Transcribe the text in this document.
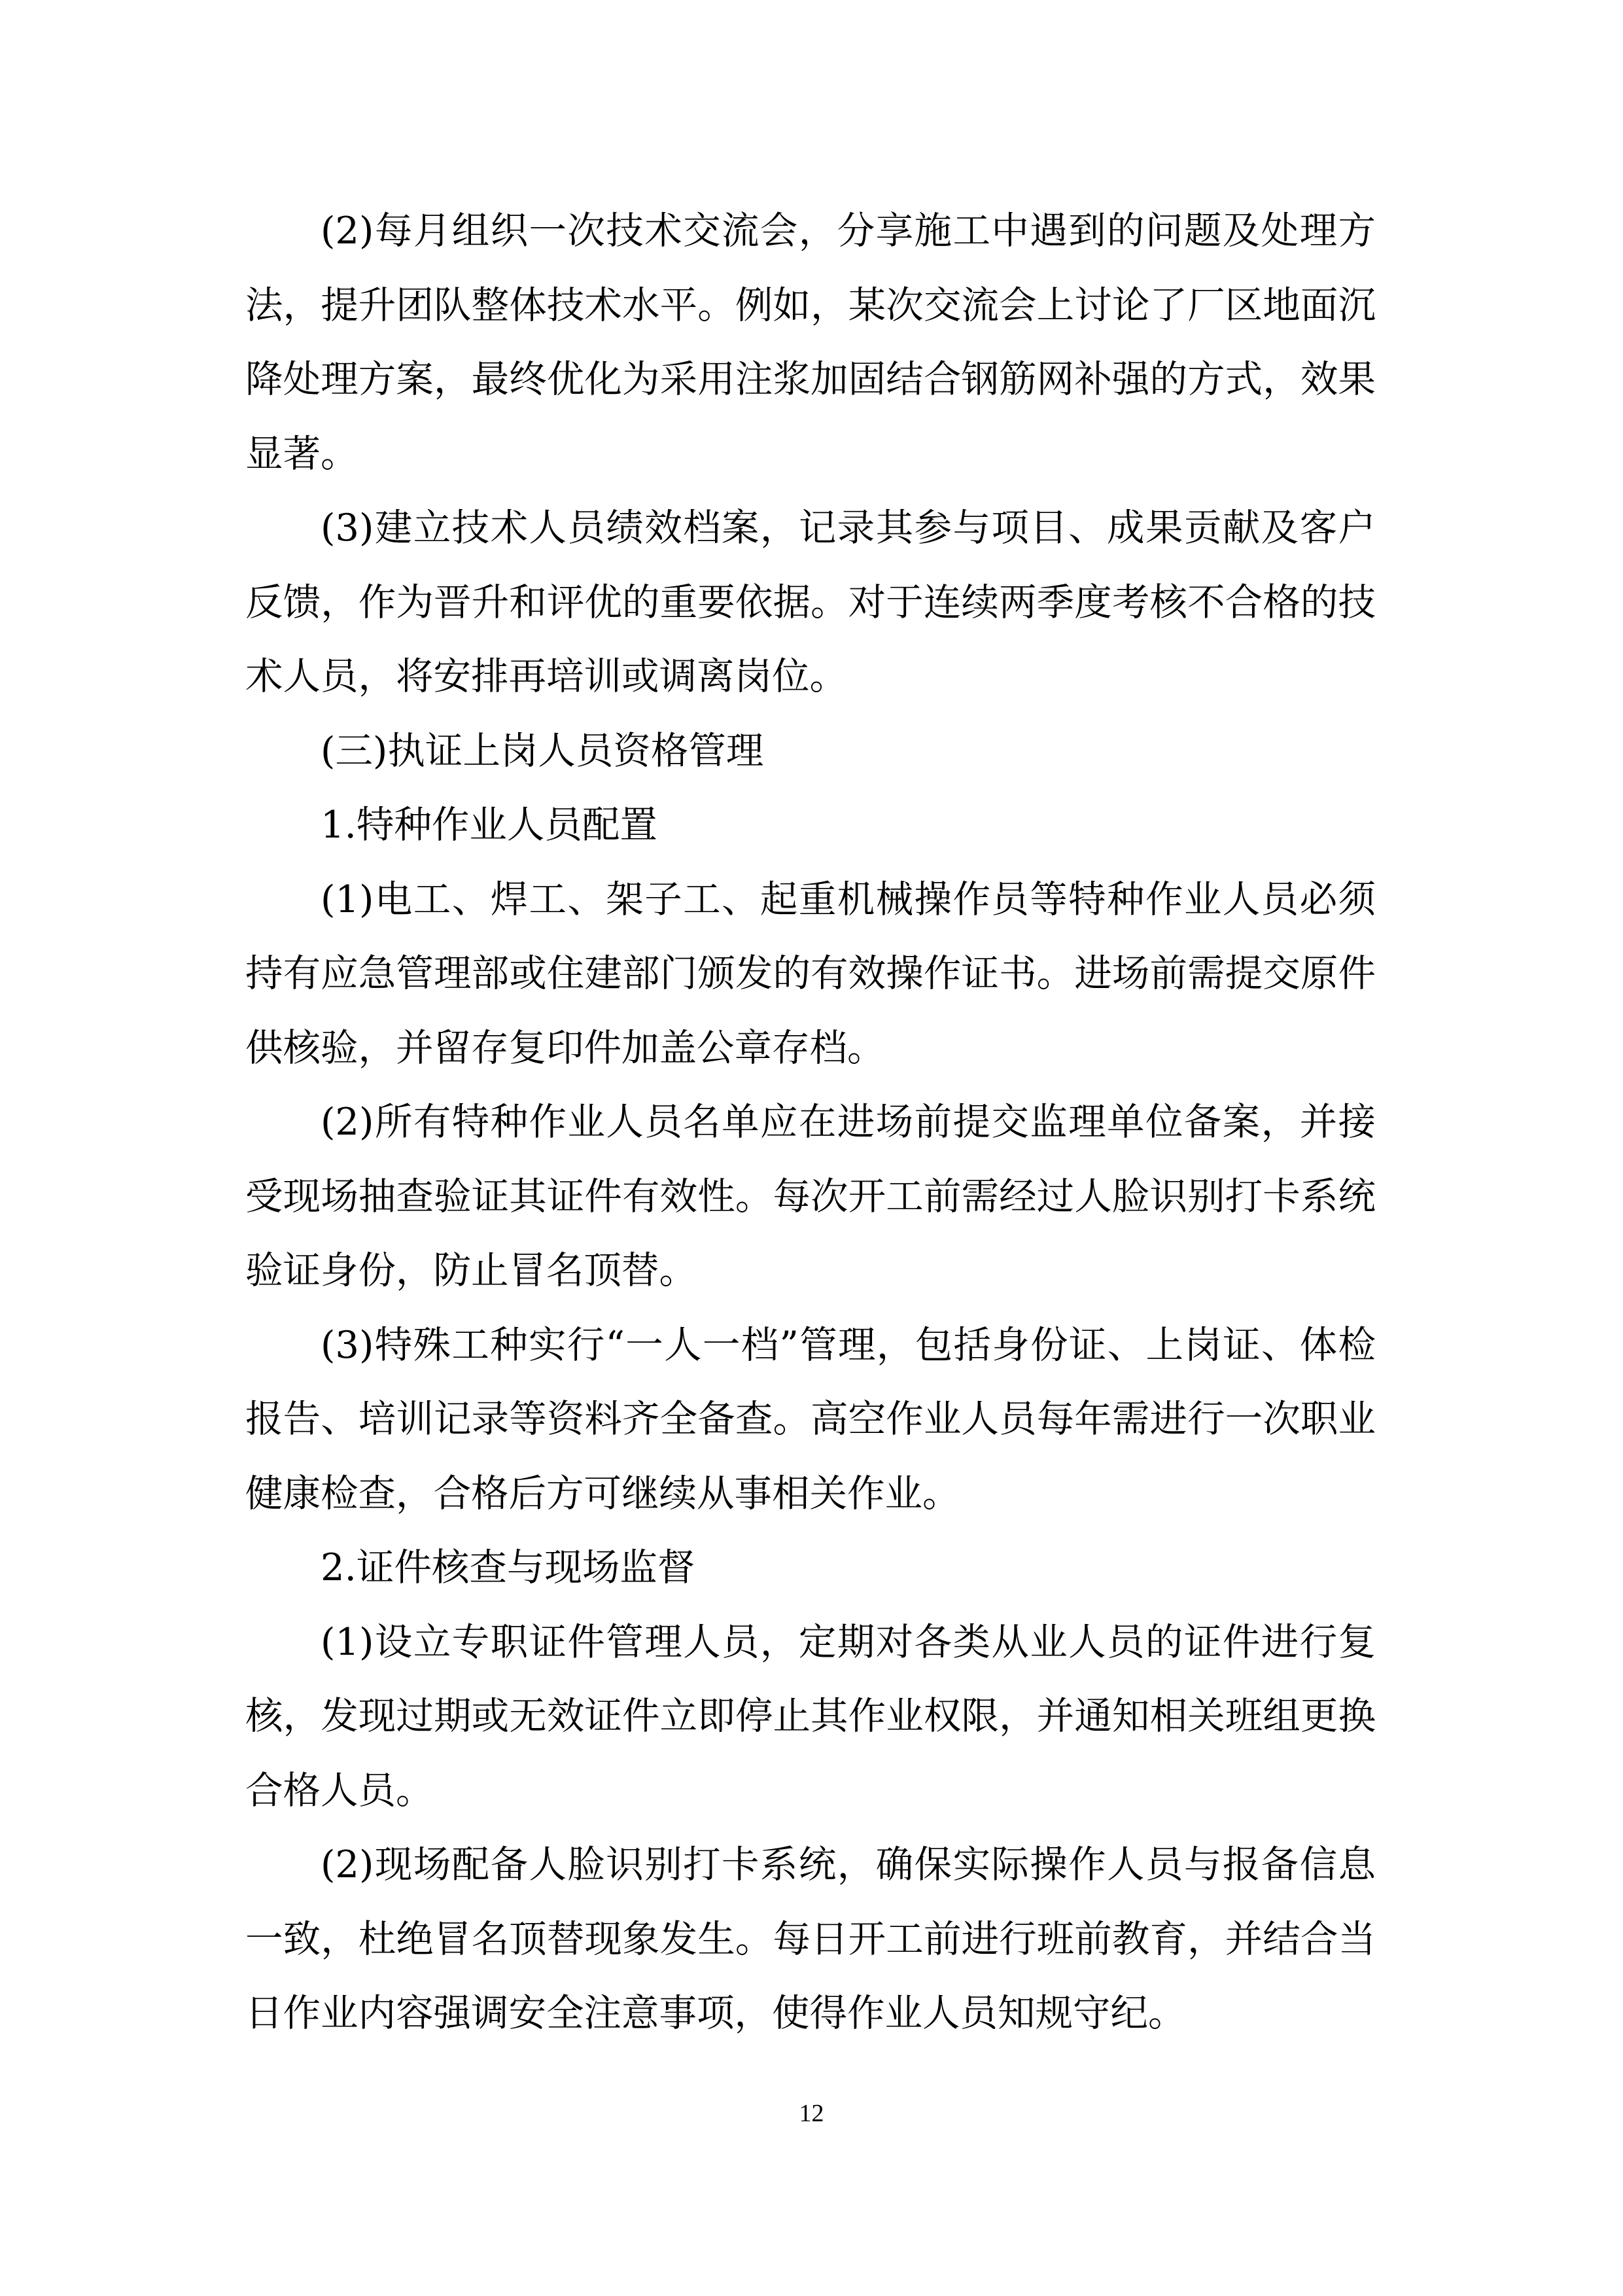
(2)每月组织一次技术交流会，分享施工中遇到的问题及处理方法，提升团队整体技术水平。例如，某次交流会上讨论了厂区地面沉降处理方案，最终优化为采用注浆加固结合钢筋网补强的方式，效果显著。

(3)建立技术人员绩效档案，记录其参与项目、成果贡献及客户反馈，作为晋升和评优的重要依据。对于连续两季度考核不合格的技术人员，将安排再培训或调离岗位。

(三)执证上岗人员资格管理

1.特种作业人员配置

(1)电工、焊工、架子工、起重机械操作员等特种作业人员必须持有应急管理部或住建部门颁发的有效操作证书。进场前需提交原件供核验，并留存复印件加盖公章存档。

(2)所有特种作业人员名单应在进场前提交监理单位备案，并接受现场抽查验证其证件有效性。每次开工前需经过人脸识别打卡系统验证身份，防止冒名顶替。

(3)特殊工种实行“一人一档”管理，包括身份证、上岗证、体检报告、培训记录等资料齐全备查。高空作业人员每年需进行一次职业健康检查，合格后方可继续从事相关作业。

2.证件核查与现场监督

(1)设立专职证件管理人员，定期对各类从业人员的证件进行复核，发现过期或无效证件立即停止其作业权限，并通知相关班组更换合格人员。

(2)现场配备人脸识别打卡系统，确保实际操作人员与报备信息一致，杜绝冒名顶替现象发生。每日开工前进行班前教育，并结合当日作业内容强调安全注意事项，使得作业人员知规守纪。

12
